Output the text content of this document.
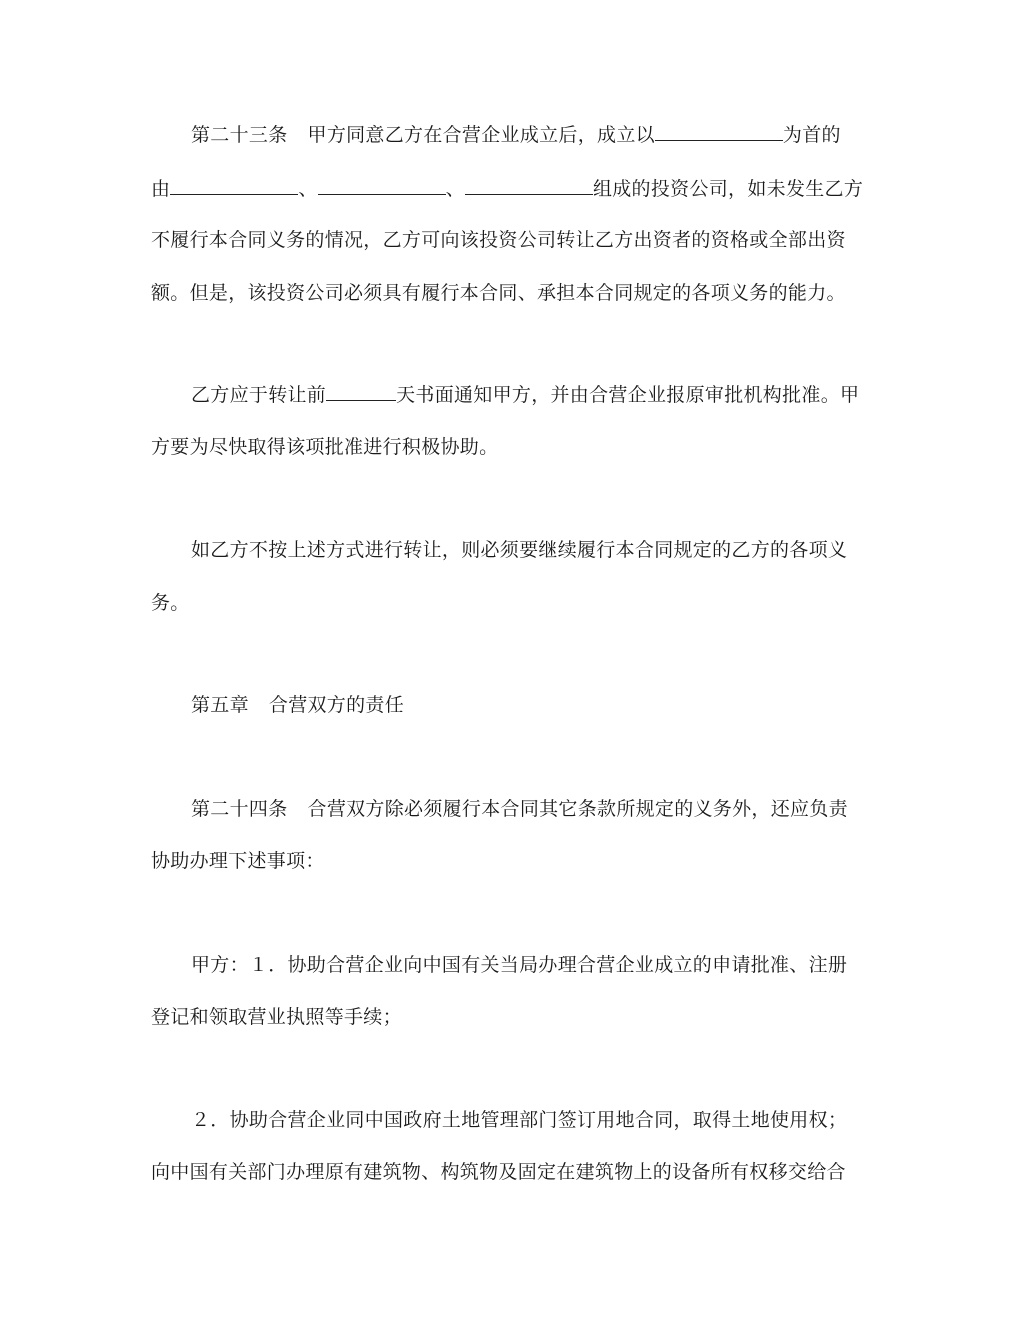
第二十三条 甲方同意乙方在合营企业成立后，成立以	为首的
由	、	、	组成的投资公司，如未发生乙方
不履行本合同义务的情况，乙方可向该投资公司转让乙方出资者的资格或全部出资
额。但是，该投资公司必须具有履行本合同、承担本合同规定的各项义务的能力。
乙方应于转让前	天书面通知甲方，并由合营企业报原审批机构批准。甲
方要为尽快取得该项批准进行积极协助。
如乙方不按上述方式进行转让，则必须要继续履行本合同规定的乙方的各项义
务。
第五章 合营双方的责任
第二十四条 合营双方除必须履行本合同其它条款所规定的义务外，还应负责
协助办理下述事项：
甲方：１．协助合营企业向中国有关当局办理合营企业成立的申请批准、注册
登记和领取营业执照等手续；
２．协助合营企业同中国政府土地管理部门签订用地合同，取得土地使用权；
向中国有关部门办理原有建筑物、构筑物及固定在建筑物上的设备所有权移交给合
